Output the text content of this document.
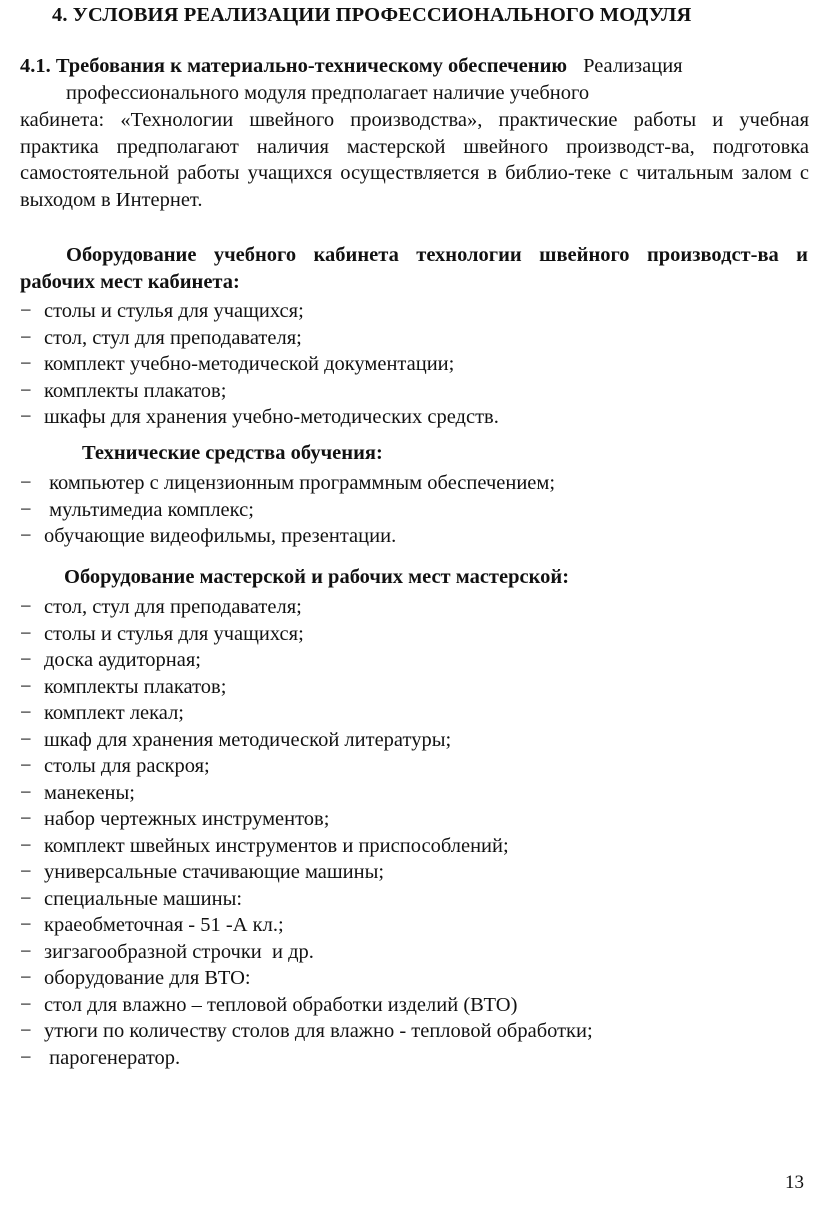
4. УСЛОВИЯ РЕАЛИЗАЦИИ ПРОФЕССИОНАЛЬНОГО МОДУЛЯ
4.1. Требования к материально-техническому обеспечению Реализация
профессионального модуля предполагает наличие учебного
кабинета: «Технологии швейного производства», практические работы и учебная практика предполагают наличия мастерской швейного производст-ва, подготовка самостоятельной работы учащихся осуществляется в библио-теке с читальным залом с выходом в Интернет.
Оборудование учебного кабинета технологии швейного производст-ва и рабочих мест кабинета:
− столы и стулья для учащихся;
− стол, стул для преподавателя;
− комплект учебно-методической документации;
− комплекты плакатов;
− шкафы для хранения учебно-методических средств.
Технические средства обучения:
− компьютер с лицензионным программным обеспечением;
− мультимедиа комплекс;
− обучающие видеофильмы, презентации.
Оборудование мастерской и рабочих мест мастерской:
− стол, стул для преподавателя;
− столы и стулья для учащихся;
− доска аудиторная;
− комплекты плакатов;
− комплект лекал;
− шкаф для хранения методической литературы;
− столы для раскроя;
− манекены;
− набор чертежных инструментов;
− комплект швейных инструментов и приспособлений;
− универсальные стачивающие машины;
− специальные машины:
− краеобметочная - 51 -А кл.;
− зигзагообразной строчки  и др.
− оборудование для ВТО:
− стол для влажно – тепловой обработки изделий (ВТО)
− утюги по количеству столов для влажно - тепловой обработки;
− парогенератор.
13
